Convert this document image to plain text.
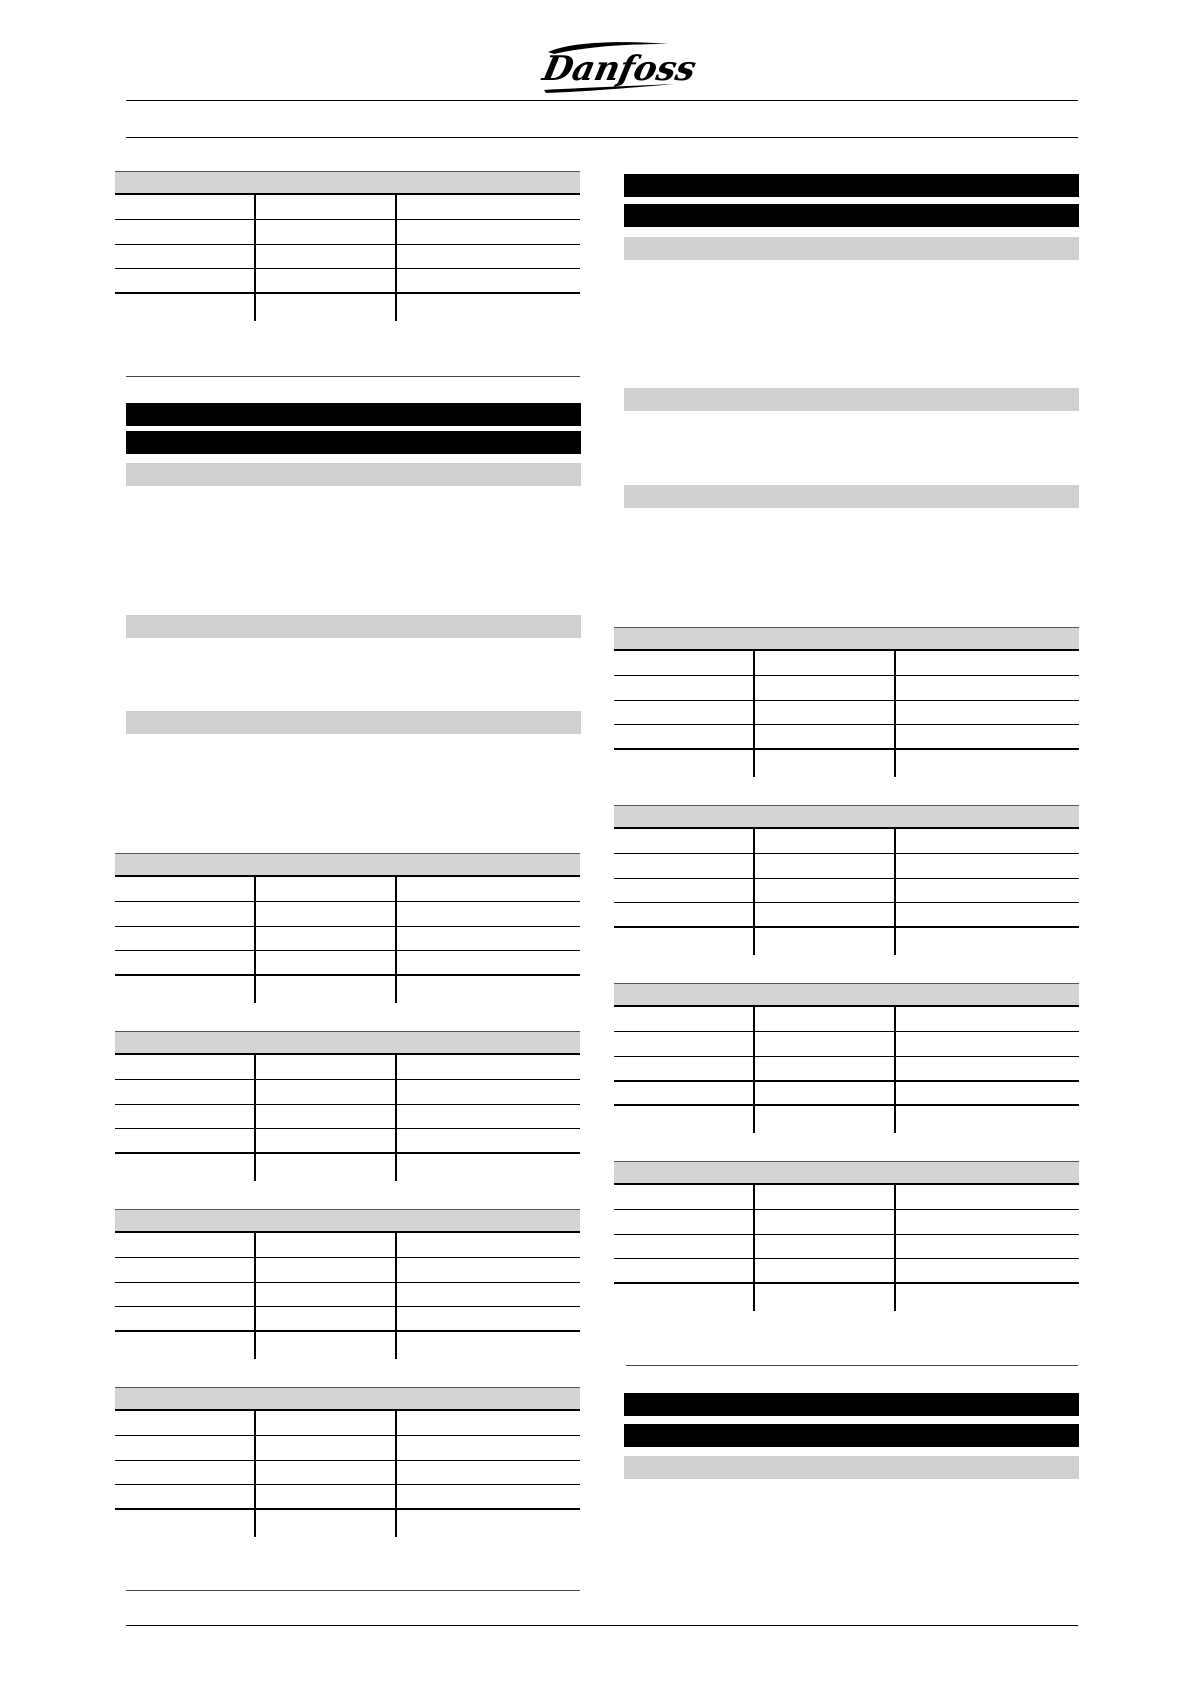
Danfoss
